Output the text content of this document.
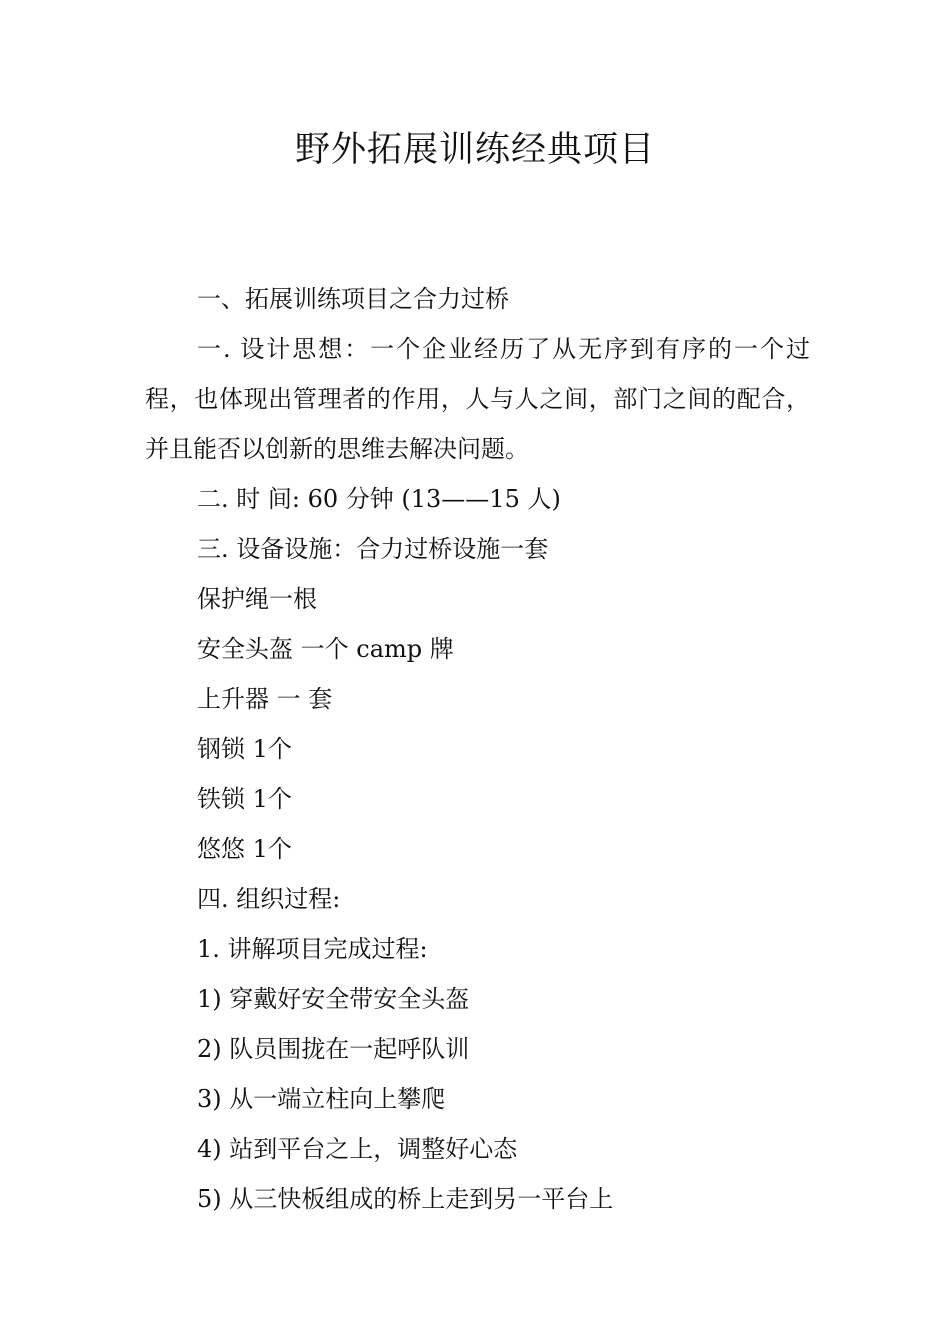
野外拓展训练经典项目

一、拓展训练项目之合力过桥

一. 设计思想：一个企业经历了从无序到有序的一个过程，也体现出管理者的作用，人与人之间，部门之间的配合，并且能否以创新的思维去解决问题。

二. 时 间: 60 分钟 (13——15 人)

三. 设备设施：合力过桥设施一套

保护绳一根

安全头盔 一个 camp 牌

上升器 一 套

钢锁 1个

铁锁 1个

悠悠 1个

四. 组织过程:

1. 讲解项目完成过程:

1) 穿戴好安全带安全头盔

2) 队员围拢在一起呼队训

3) 从一端立柱向上攀爬

4) 站到平台之上，调整好心态

5) 从三快板组成的桥上走到另一平台上
